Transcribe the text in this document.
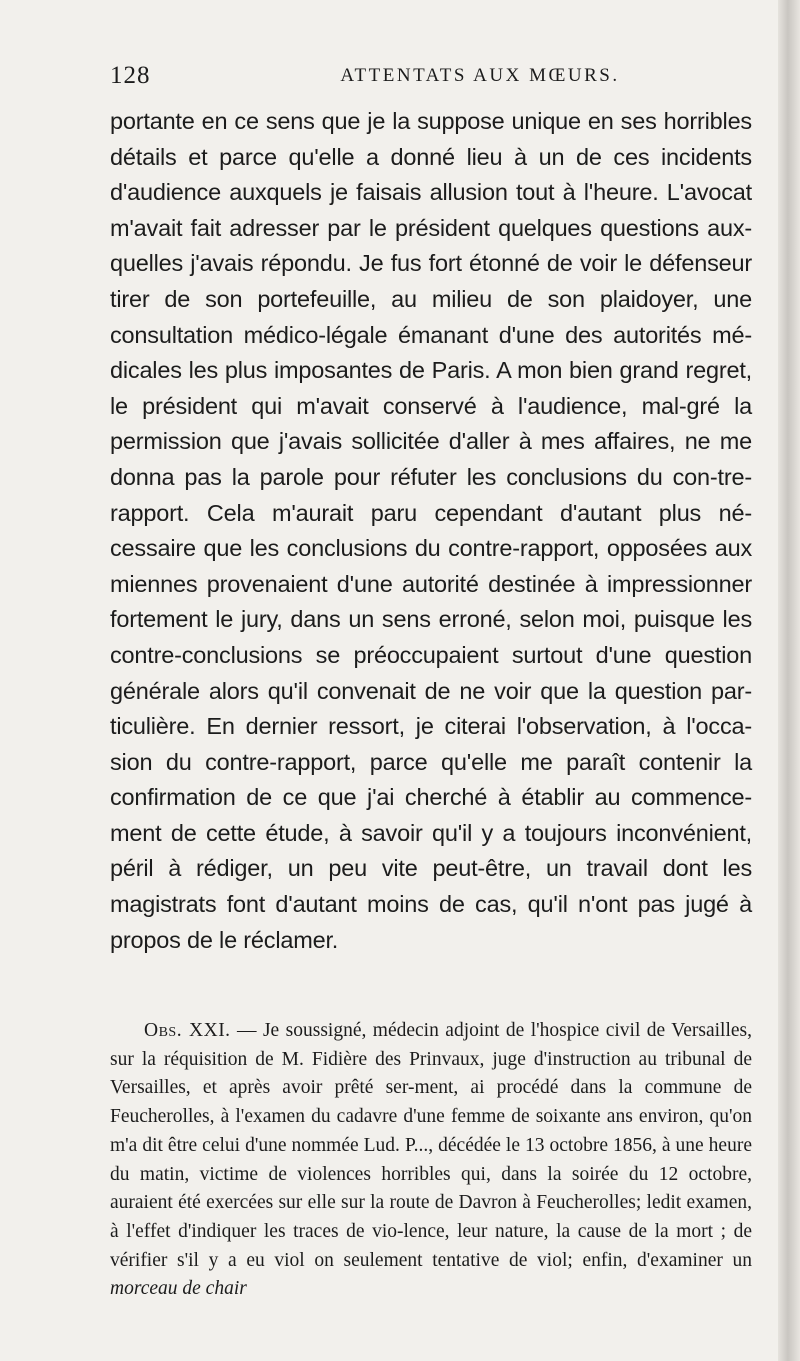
128	ATTENTATS AUX MŒURS.

portante en ce sens que je la suppose unique en ses horribles détails et parce qu'elle a donné lieu à un de ces incidents d'audience auxquels je faisais allusion tout à l'heure. L'avocat m'avait fait adresser par le président quelques questions aux-quelles j'avais répondu. Je fus fort étonné de voir le défenseur tirer de son portefeuille, au milieu de son plaidoyer, une consultation médico-légale émanant d'une des autorités mé-dicales les plus imposantes de Paris. A mon bien grand regret, le président qui m'avait conservé à l'audience, mal-gré la permission que j'avais sollicitée d'aller à mes affaires, ne me donna pas la parole pour réfuter les conclusions du con-tre-rapport. Cela m'aurait paru cependant d'autant plus né-cessaire que les conclusions du contre-rapport, opposées aux miennes provenaient d'une autorité destinée à impressionner fortement le jury, dans un sens erroné, selon moi, puisque les contre-conclusions se préoccupaient surtout d'une question générale alors qu'il convenait de ne voir que la question par-ticulière. En dernier ressort, je citerai l'observation, à l'occa-sion du contre-rapport, parce qu'elle me paraît contenir la confirmation de ce que j'ai cherché à établir au commence-ment de cette étude, à savoir qu'il y a toujours inconvénient, péril à rédiger, un peu vite peut-être, un travail dont les magistrats font d'autant moins de cas, qu'il n'ont pas jugé à propos de le réclamer.

Obs. XXI. — Je soussigné, médecin adjoint de l'hospice civil de Versailles, sur la réquisition de M. Fidière des Prinvaux, juge d'instruction au tribunal de Versailles, et après avoir prêté ser-ment, ai procédé dans la commune de Feucherolles, à l'examen du cadavre d'une femme de soixante ans environ, qu'on m'a dit être celui d'une nommée Lud. P..., décédée le 13 octobre 1856, à une heure du matin, victime de violences horribles qui, dans la soirée du 12 octobre, auraient été exercées sur elle sur la route de Davron à Feucherolles; ledit examen, à l'effet d'indiquer les traces de vio-lence, leur nature, la cause de la mort ; de vérifier s'il y a eu viol on seulement tentative de viol; enfin, d'examiner un morceau de chair
